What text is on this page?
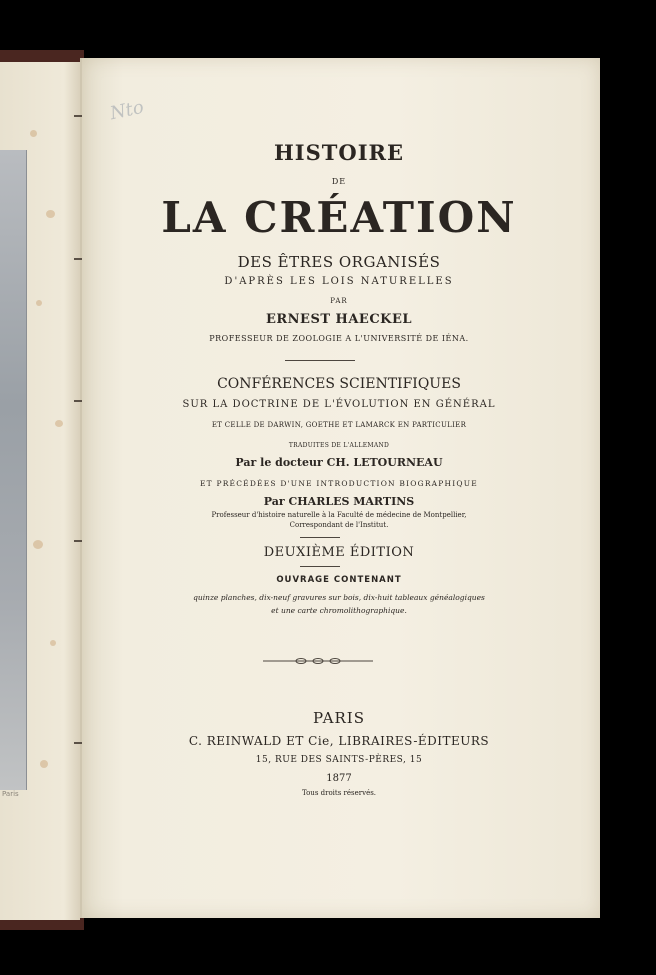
Paris
Nto
HISTOIRE
DE
LA CRÉATION
DES ÊTRES ORGANISÉS
D'APRÈS LES LOIS NATURELLES
PAR
ERNEST HAECKEL
PROFESSEUR DE ZOOLOGIE A L'UNIVERSITÉ DE IÉNA.
CONFÉRENCES SCIENTIFIQUES
SUR LA DOCTRINE DE L'ÉVOLUTION EN GÉNÉRAL
ET CELLE DE DARWIN, GOETHE ET LAMARCK EN PARTICULIER
TRADUITES DE L'ALLEMAND
Par le docteur CH. LETOURNEAU
ET PRÉCÉDÉES D'UNE INTRODUCTION BIOGRAPHIQUE
Par CHARLES MARTINS
Professeur d'histoire naturelle à la Faculté de médecine de Montpellier,
Correspondant de l'Institut.
DEUXIÈME ÉDITION
OUVRAGE CONTENANT
quinze planches, dix-neuf gravures sur bois, dix-huit tableaux généalogiques
et une carte chromolithographique.
PARIS
C. REINWALD ET Cie, LIBRAIRES-ÉDITEURS
15, RUE DES SAINTS-PÈRES, 15
1877
Tous droits réservés.
